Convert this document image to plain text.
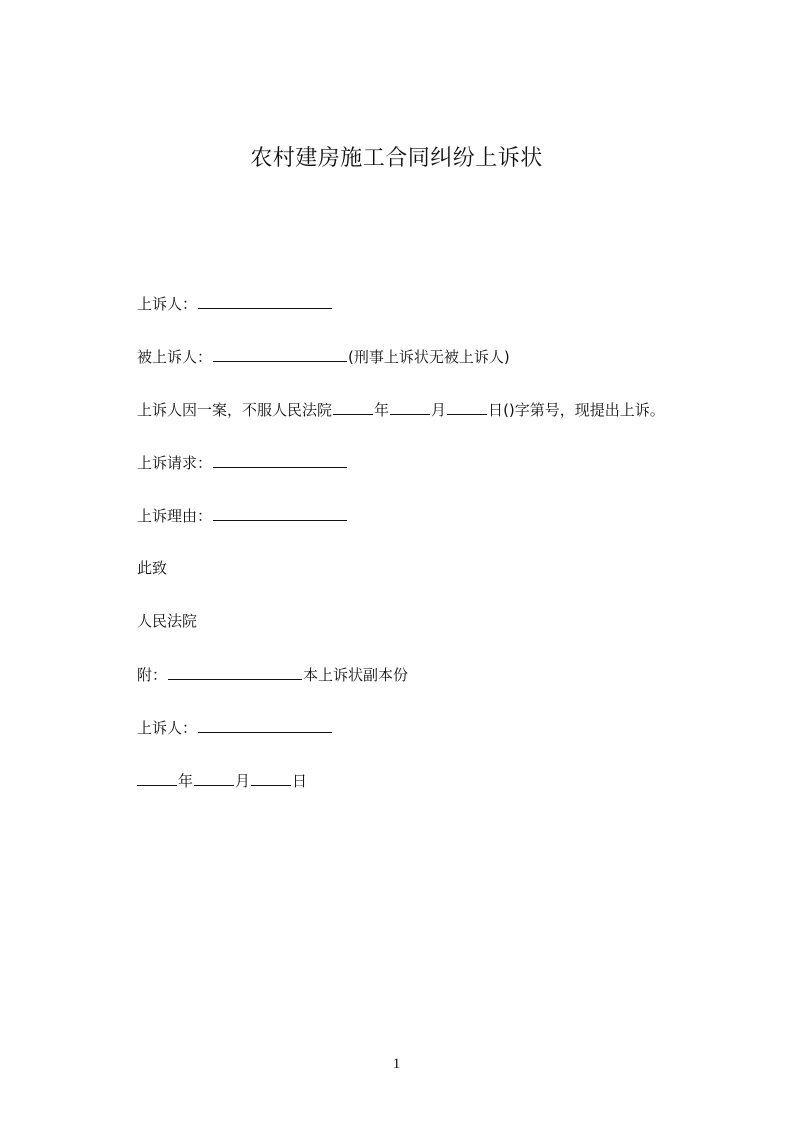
农村建房施工合同纠纷上诉状
上诉人：
被上诉人：	(刑事上诉状无被上诉人)
上诉人因一案，不服人民法院	年	月	日()字第号，现提出上诉。
上诉请求：
上诉理由：
此致
人民法院
附：	本上诉状副本份
上诉人：
年	月	日
1
